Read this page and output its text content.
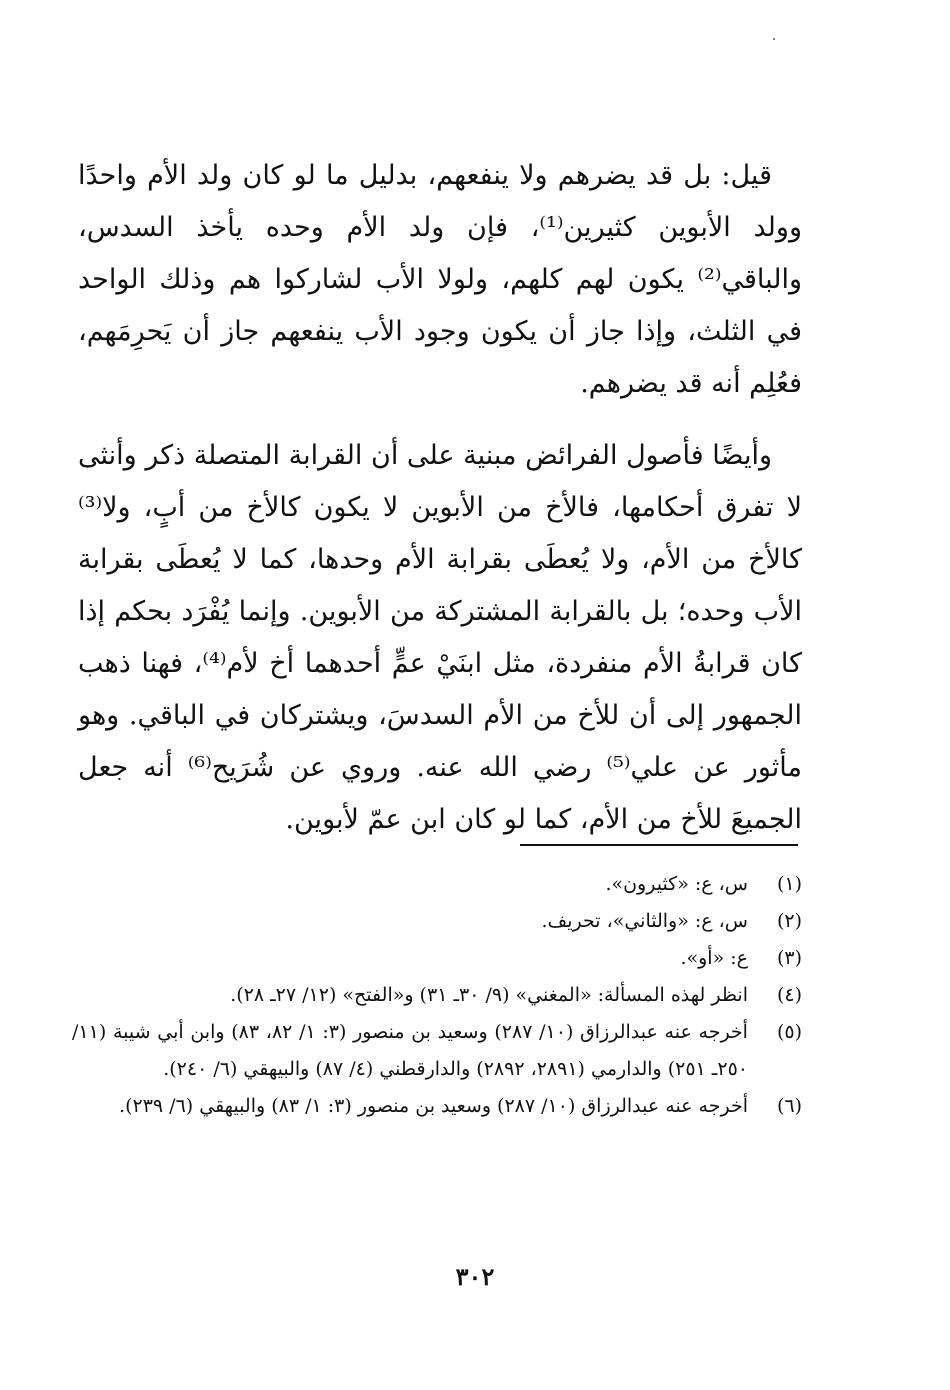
قيل: بل قد يضرهم ولا ينفعهم، بدليل ما لو كان ولد الأم واحدًا وولد الأبوين كثيرين⁽¹⁾، فإن ولد الأم وحده يأخذ السدس، والباقي⁽²⁾ يكون لهم كلهم، ولولا الأب لشاركوا هم وذلك الواحد في الثلث، وإذا جاز أن يكون وجود الأب ينفعهم جاز أن يَحرِمَهم، فعُلِم أنه قد يضرهم.

وأيضًا فأصول الفرائض مبنية على أن القرابة المتصلة ذكر وأنثى لا تفرق أحكامها، فالأخ من الأبوين لا يكون كالأخ من أبٍ، ولا⁽³⁾ كالأخ من الأم، ولا يُعطَى بقرابة الأم وحدها، كما لا يُعطَى بقرابة الأب وحده؛ بل بالقرابة المشتركة من الأبوين. وإنما يُفْرَد بحكم إذا كان قرابةُ الأم منفردة، مثل ابنَيْ عمٍّ أحدهما أخ لأم⁽⁴⁾، فهنا ذهب الجمهور إلى أن للأخ من الأم السدسَ، ويشتركان في الباقي. وهو مأثور عن علي⁽⁵⁾ رضي الله عنه. وروي عن شُرَيح⁽⁶⁾ أنه جعل الجميعَ للأخ من الأم، كما لو كان ابن عمّ لأبوين.

(١)
س، ع: «كثيرون».
(٢)
س، ع: «والثاني»، تحريف.
(٣)
ع: «أو».
(٤)
انظر لهذه المسألة: «المغني» (٩/ ٣٠ـ ٣١) و«الفتح» (١٢/ ٢٧ـ ٢٨).
(٥)
أخرجه عنه عبدالرزاق (١٠/ ٢٨٧) وسعيد بن منصور (٣: ١/ ٨٢، ٨٣) وابن أبي شيبة (١١/ ٢٥٠ـ ٢٥١) والدارمي (٢٨٩١، ٢٨٩٢) والدارقطني (٤/ ٨٧) والبيهقي (٦/ ٢٤٠).
(٦)
أخرجه عنه عبدالرزاق (١٠/ ٢٨٧) وسعيد بن منصور (٣: ١/ ٨٣) والبيهقي (٦/ ٢٣٩).
٣٠٢
